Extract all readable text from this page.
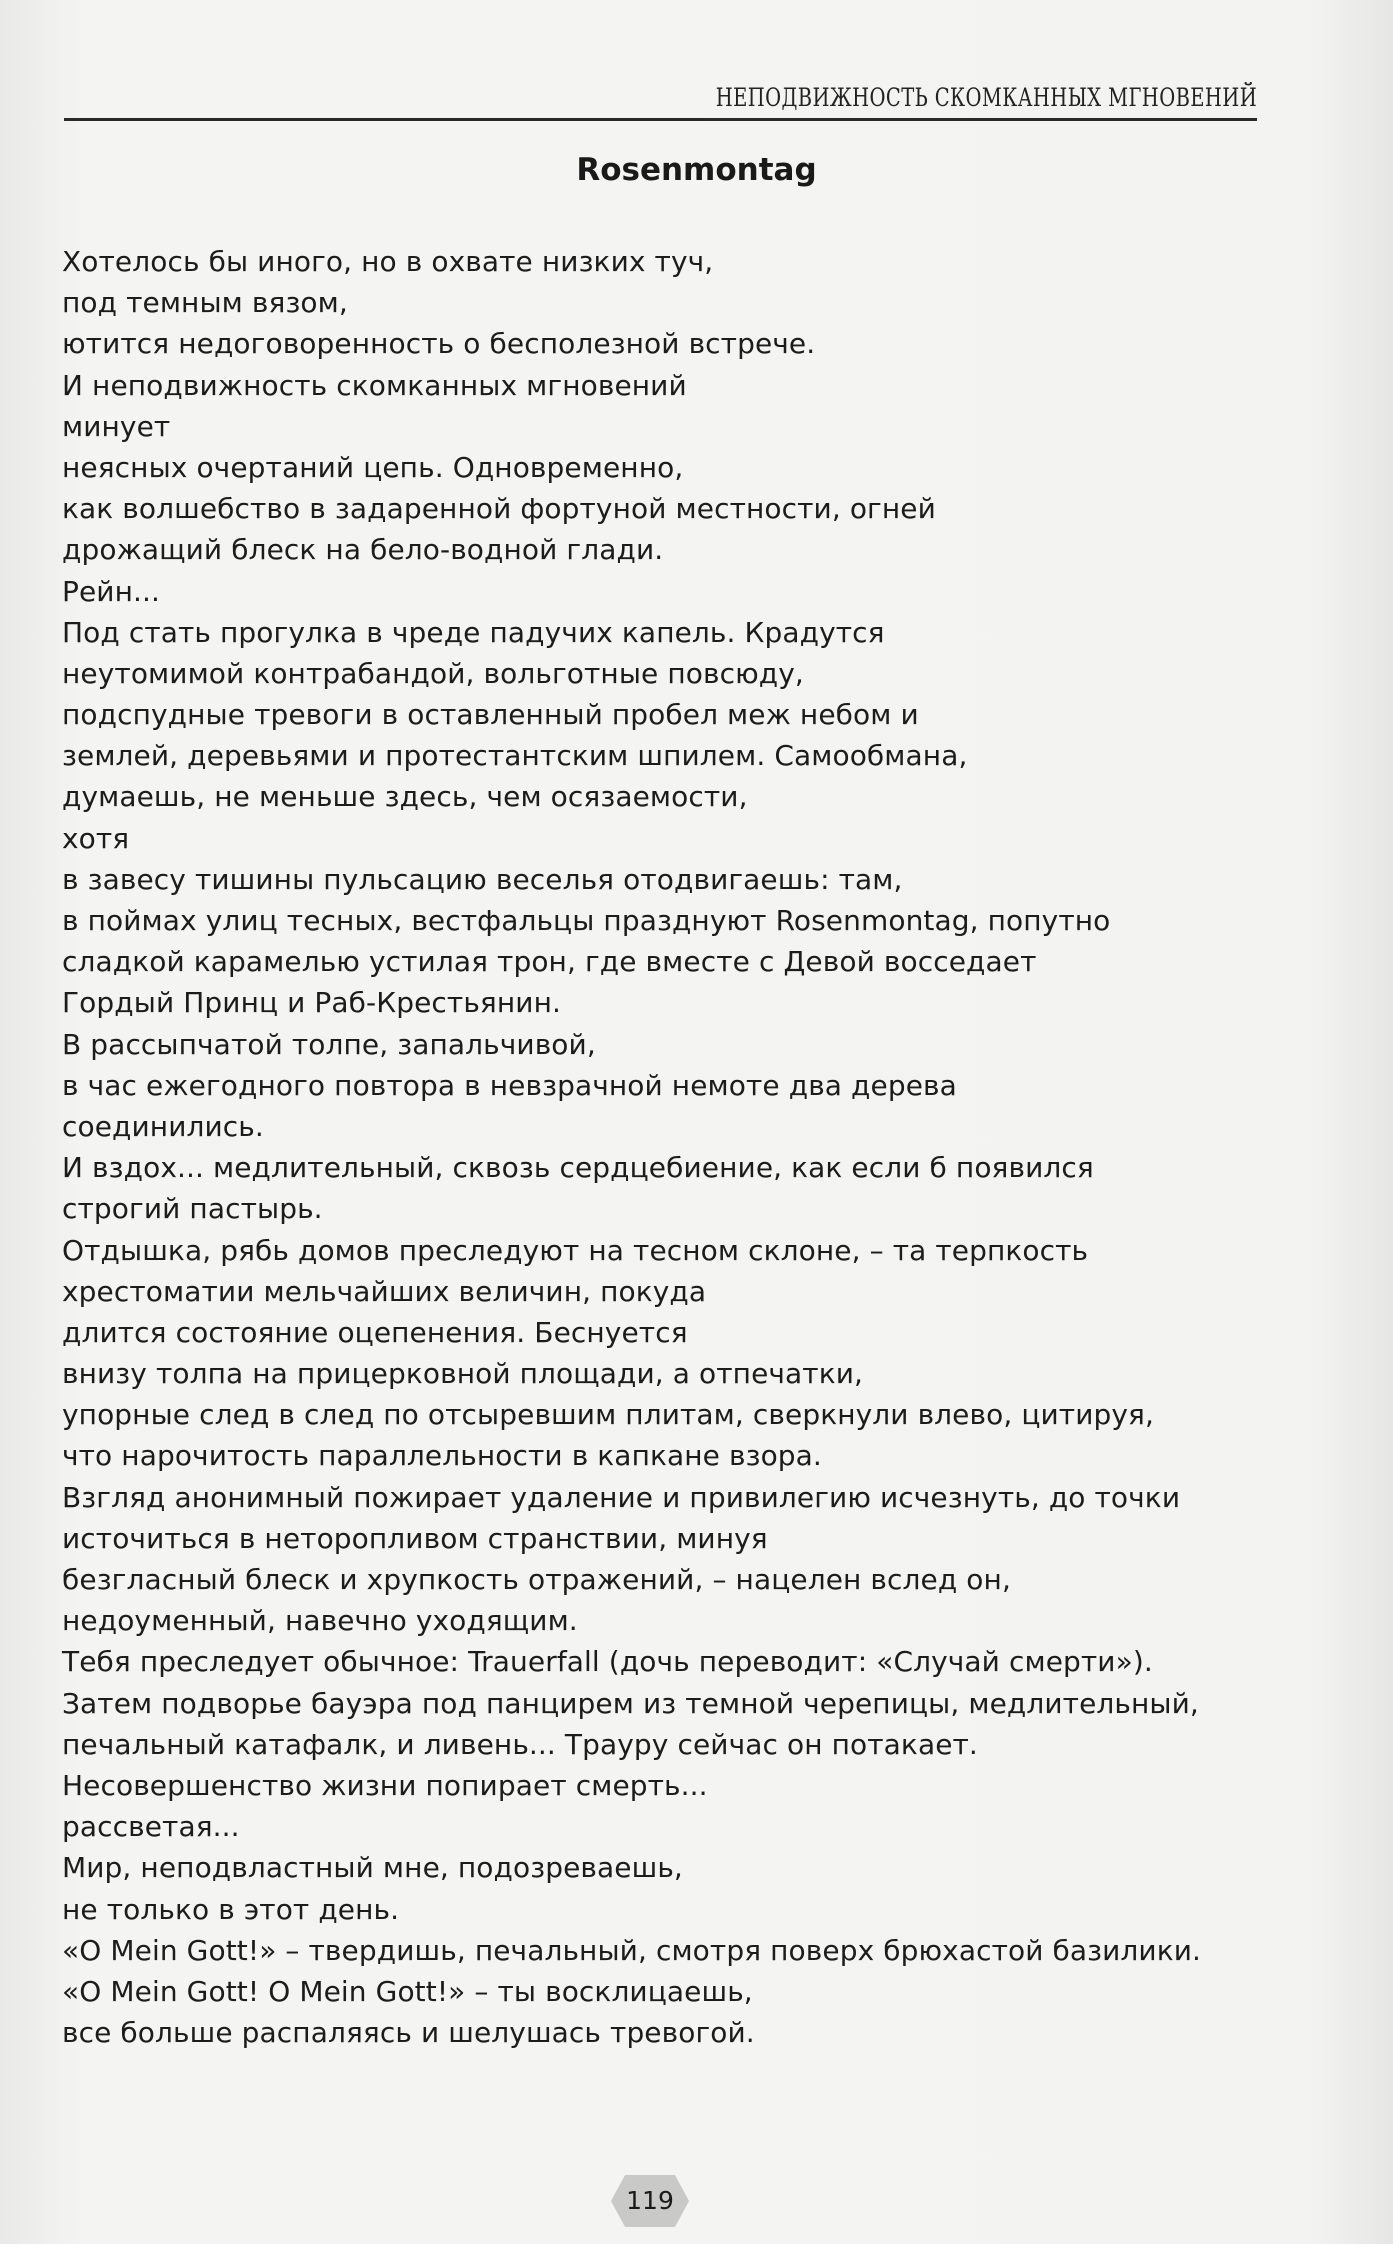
НЕПОДВИЖНОСТЬ СКОМКАННЫХ МГНОВЕНИЙ
Rosenmontag
Хотелось бы иного, но в охвате низких туч,
под темным вязом,
ютится недоговоренность о бесполезной встрече.
И неподвижность скомканных мгновений
минует
неясных очертаний цепь. Одновременно,
как волшебство в задаренной фортуной местности, огней
дрожащий блеск на бело-водной глади.
Рейн...
Под стать прогулка в чреде падучих капель. Крадутся
неутомимой контрабандой, вольготные повсюду,
подспудные тревоги в оставленный пробел меж небом и
землей, деревьями и протестантским шпилем. Самообмана,
думаешь, не меньше здесь, чем осязаемости,
хотя
в завесу тишины пульсацию веселья отодвигаешь: там,
в поймах улиц тесных, вестфальцы празднуют Rosenmontag, попутно
сладкой карамелью устилая трон, где вместе с Девой восседает
Гордый Принц и Раб-Крестьянин.
В рассыпчатой толпе, запальчивой,
в час ежегодного повтора в невзрачной немоте два дерева
соединились.
И вздох... медлительный, сквозь сердцебиение, как если б появился
строгий пастырь.
Отдышка, рябь домов преследуют на тесном склоне, – та терпкость
хрестоматии мельчайших величин, покуда
длится состояние оцепенения. Беснуется
внизу толпа на прицерковной площади, а отпечатки,
упорные след в след по отсыревшим плитам, сверкнули влево, цитируя,
что нарочитость параллельности в капкане взора.
Взгляд анонимный пожирает удаление и привилегию исчезнуть, до точки
источиться в неторопливом странствии, минуя
безгласный блеск и хрупкость отражений, – нацелен вслед он,
недоуменный, навечно уходящим.
Тебя преследует обычное: Trauerfall (дочь переводит: «Случай смерти»).
Затем подворье бауэра под панцирем из темной черепицы, медлительный,
печальный катафалк, и ливень... Трауру сейчас он потакает.
Несовершенство жизни попирает смерть...
рассветая...
Мир, неподвластный мне, подозреваешь,
не только в этот день.
«O Mein Gott!» – твердишь, печальный, смотря поверх брюхастой базилики.
«O Mein Gott! O Mein Gott!» – ты восклицаешь,
все больше распаляясь и шелушась тревогой.
119
